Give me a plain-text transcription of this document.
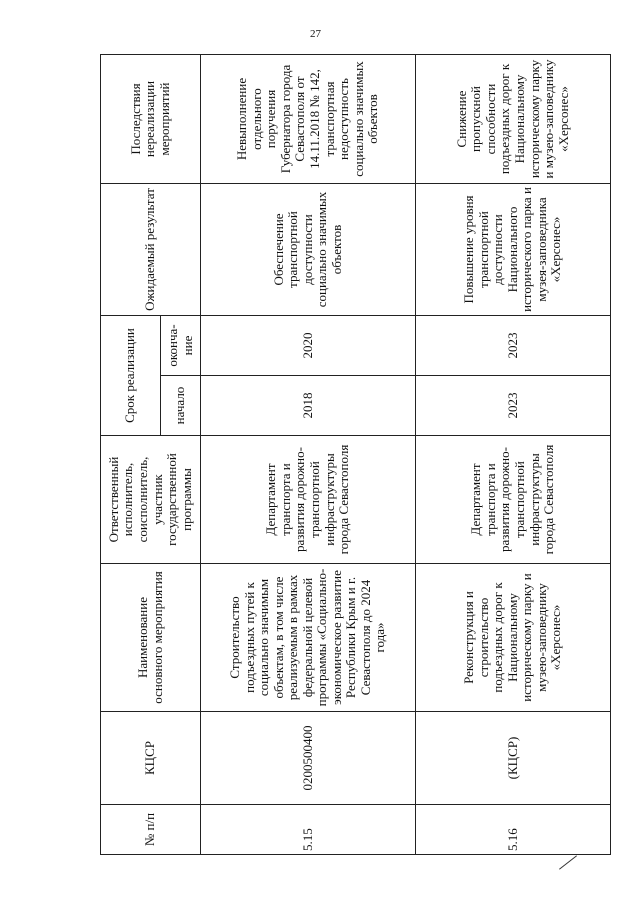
27
№ п/п	КЦСР	Наименование основного мероприятия	Ответственный исполнитель, соисполнитель, участник государственной программы	Срок реализации		Ожидаемый результат	Последствия нереализации мероприятий
				начало	оконча- ние		
5.15	0200500400	Строительство подъездных путей к социально значимым объектам, в том числе реализуемым в рамках федеральной целевой программы «Социально-экономическое развитие Республики Крым и г. Севастополя до 2024 года»	Департамент транспорта и развития дорожно-транспортной инфраструктуры города Севастополя	2018	2020	Обеспечение транспортной доступности социально значимых объектов	Невыполнение отдельного поручения Губернатора города Севастополя от 14.11.2018 № 142, транспортная недоступность социально значимых объектов
5.16	(КЦСР)	Реконструкция и строительство подъездных дорог к Национальному историческому парку и музею-заповеднику «Херсонес»	Департамент транспорта и развития дорожно-транспортной инфраструктуры города Севастополя	2023	2023	Повышение уровня транспортной доступности Национального исторического парка и музея-заповедника «Херсонес»	Снижение пропускной способности подъездных дорог к Национальному историческому парку и музею-заповеднику «Херсонес»
